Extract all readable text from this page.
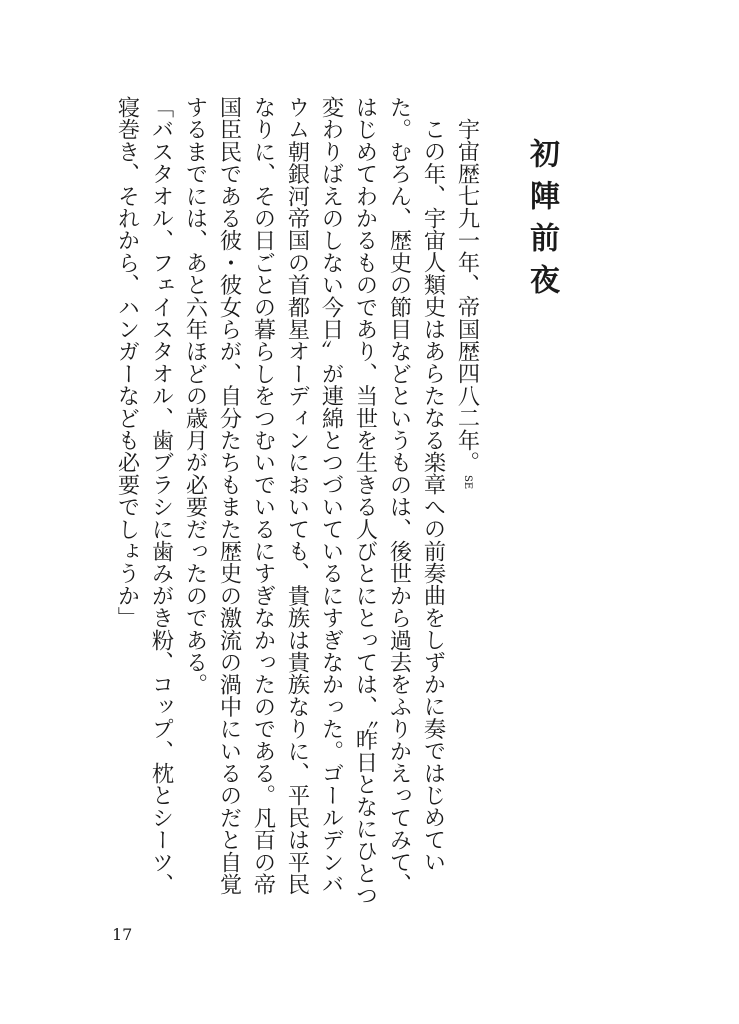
初陣前夜

宇宙歴七九一年、帝国歴四八二年。SE

この年、宇宙人類史はあらたなる楽章への前奏曲をしずかに奏ではじめていた。むろん、歴史の節目などというものは、後世から過去をふりかえってみて、はじめてわかるものであり、当世を生きる人びとにとっては、〝昨日となにひとつ変わりばえのしない今日〟が連綿とつづいているにすぎなかった。ゴールデンバウム朝銀河帝国の首都星オーディンにおいても、貴族は貴族なりに、平民は平民なりに、その日ごとの暮らしをつむいでいるにすぎなかったのである。凡百の帝国臣民である彼・彼女らが、自分たちもまた歴史の激流の渦中にいるのだと自覚するまでには、あと六年ほどの歳月が必要だったのである。

「バスタオル、フェイスタオル、歯ブラシに歯みがき粉、コップ、枕とシーツ、寝巻き、それから、ハンガーなども必要でしょうか」

17
